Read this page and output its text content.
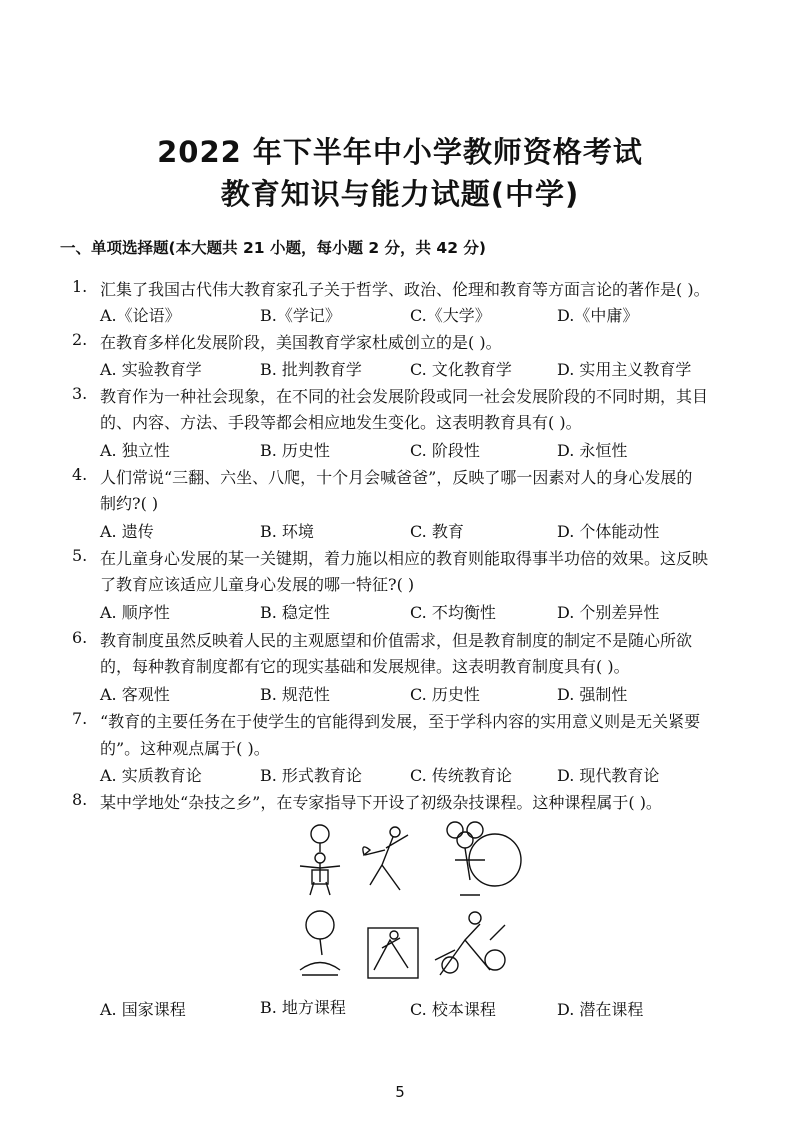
2022 年下半年中小学教师资格考试
教育知识与能力试题(中学)
一、单项选择题(本大题共 21 小题，每小题 2 分，共 42 分)
1. 汇集了我国古代伟大教育家孔子关于哲学、政治、伦理和教育等方面言论的著作是( )。
A.《论语》	B.《学记》	C.《大学》	D.《中庸》
2. 在教育多样化发展阶段，美国教育学家杜威创立的是( )。
A. 实验教育学	B. 批判教育学	C. 文化教育学	D. 实用主义教育学
3. 教育作为一种社会现象，在不同的社会发展阶段或同一社会发展阶段的不同时期，其目
的、内容、方法、手段等都会相应地发生变化。这表明教育具有( )。
A. 独立性	B. 历史性	C. 阶段性	D. 永恒性
4. 人们常说“三翻、六坐、八爬，十个月会喊爸爸”，反映了哪一因素对人的身心发展的
制约?( )
A. 遗传	B. 环境	C. 教育	D. 个体能动性
5. 在儿童身心发展的某一关键期，着力施以相应的教育则能取得事半功倍的效果。这反映
了教育应该适应儿童身心发展的哪一特征?( )
A. 顺序性	B. 稳定性	C. 不均衡性	D. 个别差异性
6. 教育制度虽然反映着人民的主观愿望和价值需求，但是教育制度的制定不是随心所欲
的，每种教育制度都有它的现实基础和发展规律。这表明教育制度具有( )。
A. 客观性	B. 规范性	C. 历史性	D. 强制性
7. “教育的主要任务在于使学生的官能得到发展，至于学科内容的实用意义则是无关紧要
的”。这种观点属于( )。
A. 实质教育论	B. 形式教育论	C. 传统教育论	D. 现代教育论
8. 某中学地处“杂技之乡”，在专家指导下开设了初级杂技课程。这种课程属于( )。
A. 国家课程	B. 地方课程	C. 校本课程	D. 潜在课程
5
